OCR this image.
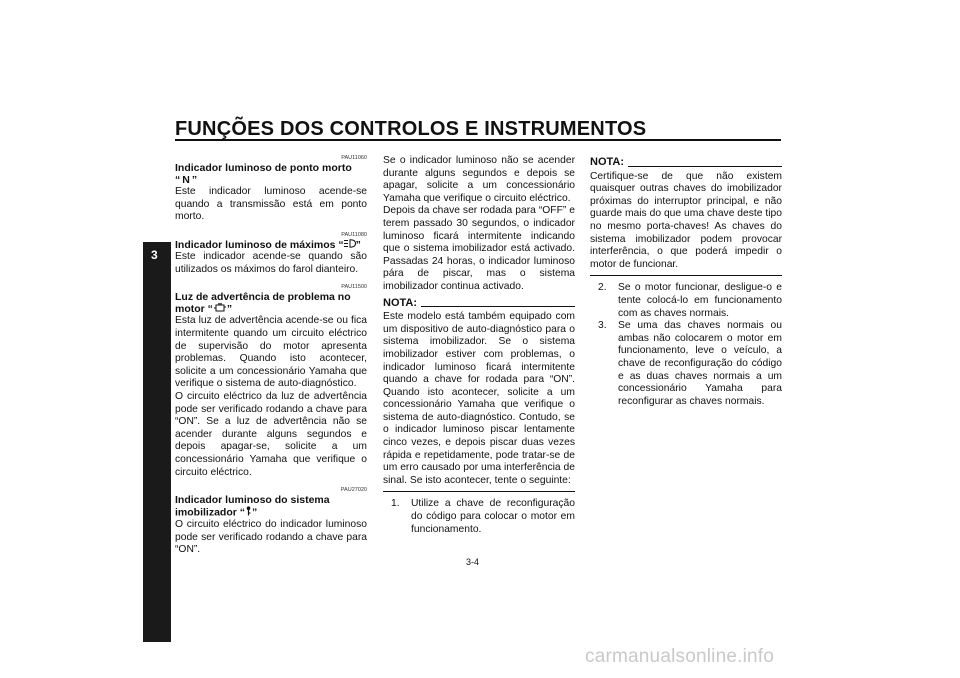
FUNÇÕES DOS CONTROLOS E INSTRUMENTOS
3
PAU11060
Indicador luminoso de ponto morto
“ N ”

Este indicador luminoso acende-se quando a transmissão está em ponto morto.

PAU11080
Indicador luminoso de máximos “ ”

Este indicador acende-se quando são utilizados os máximos do farol dianteiro.

PAU11500
Luz de advertência de problema no motor “ ”

Esta luz de advertência acende-se ou fica intermitente quando um circuito eléctrico de supervisão do motor apresenta problemas. Quando isto acontecer, solicite a um concessionário Yamaha que verifique o sistema de auto-diagnóstico.

O circuito eléctrico da luz de advertência pode ser verificado rodando a chave para “ON”. Se a luz de advertência não se acender durante alguns segundos e depois apagar-se, solicite a um concessionário Yamaha que verifique o circuito eléctrico.

PAU27020
Indicador luminoso do sistema imobilizador “ ”

O circuito eléctrico do indicador luminoso pode ser verificado rodando a chave para “ON”.

Se o indicador luminoso não se acender durante alguns segundos e depois se apagar, solicite a um concessionário Yamaha que verifique o circuito eléctrico.

Depois da chave ser rodada para “OFF” e terem passado 30 segundos, o indicador luminoso ficará intermitente indicando que o sistema imobilizador está activado. Passadas 24 horas, o indicador luminoso pára de piscar, mas o sistema imobilizador continua activado.

NOTA:

Este modelo está também equipado com um dispositivo de auto-diagnóstico para o sistema imobilizador. Se o sistema imobilizador estiver com problemas, o indicador luminoso ficará intermitente quando a chave for rodada para “ON”. Quando isto acontecer, solicite a um concessionário Yamaha que verifique o sistema de auto-diagnóstico. Contudo, se o indicador luminoso piscar lentamente cinco vezes, e depois piscar duas vezes rápida e repetidamente, pode tratar-se de um erro causado por uma interferência de sinal. Se isto acontecer, tente o seguinte:

1.	Utilize a chave de reconfiguração do código para colocar o motor em funcionamento.
NOTA:

Certifique-se de que não existem quaisquer outras chaves do imobilizador próximas do interruptor principal, e não guarde mais do que uma chave deste tipo no mesmo porta-chaves! As chaves do sistema imobilizador podem provocar interferência, o que poderá impedir o motor de funcionar.

2.	Se o motor funcionar, desligue-o e tente colocá-lo em funcionamento com as chaves normais.
3.	Se uma das chaves normais ou ambas não colocarem o motor em funcionamento, leve o veículo, a chave de reconfiguração do código e as duas chaves normais a um concessionário Yamaha para reconfigurar as chaves normais.
3-4
carmanualsonline.info
